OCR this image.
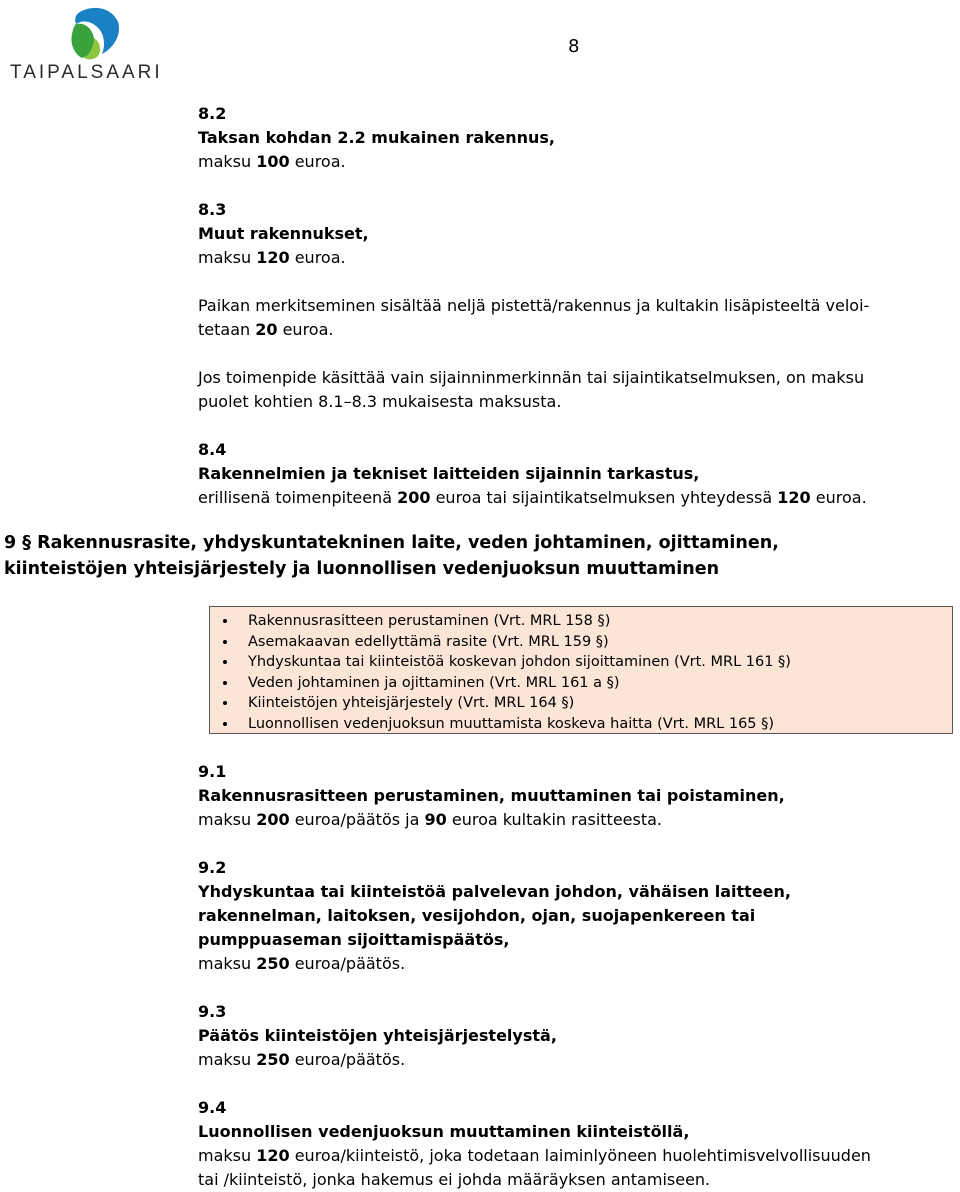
TAIPALSAARI
8

8.2

Taksan kohdan 2.2 mukainen rakennus,

maksu 100 euroa.

8.3

Muut rakennukset,

maksu 120 euroa.

Paikan merkitseminen sisältää neljä pistettä/rakennus ja kultakin lisäpisteeltä veloi-

tetaan 20 euroa.

Jos toimenpide käsittää vain sijainninmerkinnän tai sijaintikatselmuksen, on maksu

puolet kohtien 8.1–8.3 mukaisesta maksusta.

8.4

Rakennelmien ja tekniset laitteiden sijainnin tarkastus,

erillisenä toimenpiteenä 200 euroa tai sijaintikatselmuksen yhteydessä 120 euroa.

9 § Rakennusrasite, yhdyskuntatekninen laite, veden johtaminen, ojittaminen,
kiinteistöjen yhteisjärjestely ja luonnollisen vedenjuoksun muuttaminen
• Rakennusrasitteen perustaminen (Vrt. MRL 158 §)
• Asemakaavan edellyttämä rasite (Vrt. MRL 159 §)
• Yhdyskuntaa tai kiinteistöä koskevan johdon sijoittaminen (Vrt. MRL 161 §)
• Veden johtaminen ja ojittaminen (Vrt. MRL 161 a §)
• Kiinteistöjen yhteisjärjestely (Vrt. MRL 164 §)
• Luonnollisen vedenjuoksun muuttamista koskeva haitta (Vrt. MRL 165 §)

9.1

Rakennusrasitteen perustaminen, muuttaminen tai poistaminen,

maksu 200 euroa/päätös ja 90 euroa kultakin rasitteesta.

9.2

Yhdyskuntaa tai kiinteistöä palvelevan johdon, vähäisen laitteen,

rakennelman, laitoksen, vesijohdon, ojan, suojapenkereen tai

pumppuaseman sijoittamispäätös,

maksu 250 euroa/päätös.

9.3

Päätös kiinteistöjen yhteisjärjestelystä,

maksu 250 euroa/päätös.

9.4

Luonnollisen vedenjuoksun muuttaminen kiinteistöllä,

maksu 120 euroa/kiinteistö, joka todetaan laiminlyöneen huolehtimisvelvollisuuden

tai /kiinteistö, jonka hakemus ei johda määräyksen antamiseen.
